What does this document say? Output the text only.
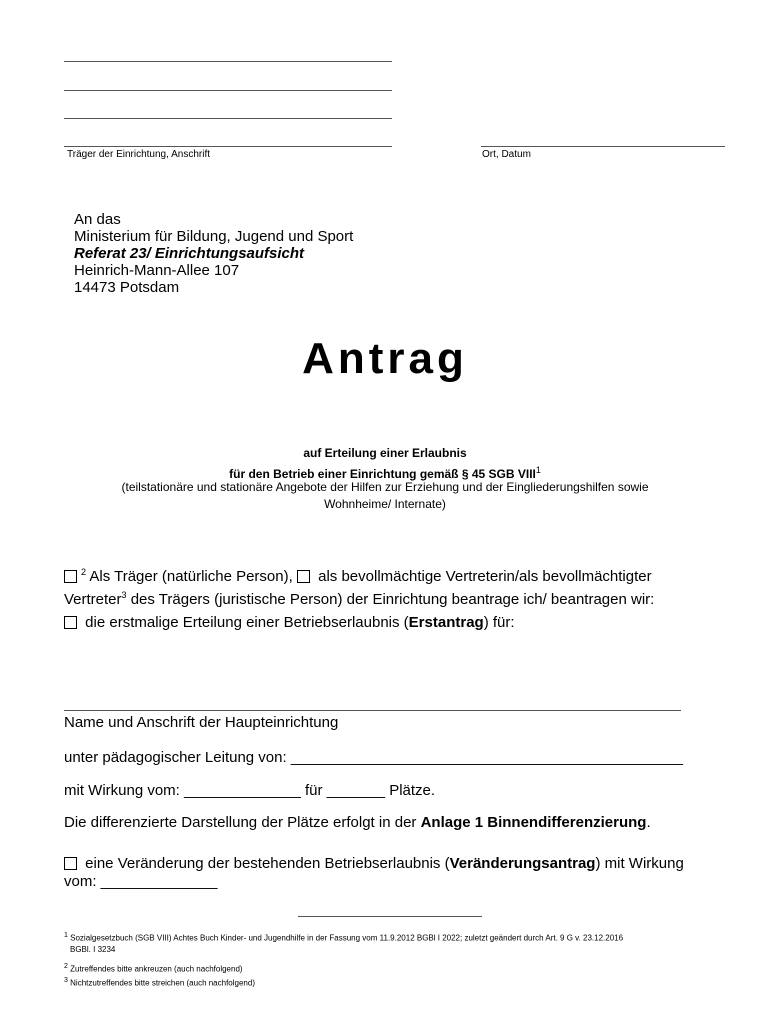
Träger der Einrichtung, Anschrift	Ort, Datum
An das
Ministerium für Bildung, Jugend und Sport
Referat 23/ Einrichtungsaufsicht
Heinrich-Mann-Allee 107
14473 Potsdam
Antrag
auf Erteilung einer Erlaubnis
für den Betrieb einer Einrichtung gemäß § 45 SGB VIII$^1$
(teilstationäre und stationäre Angebote der Hilfen zur Erziehung und der Eingliederungshilfen sowie
Wohnheime/ Internate)
$^2$ Als Träger (natürliche Person),  als bevollmächtige Vertreterin/als bevollmächtigter
Vertreter$^3$ des Trägers (juristische Person) der Einrichtung beantrage ich/ beantragen wir:
die erstmalige Erteilung einer Betriebserlaubnis (Erstantrag) für:
Name und Anschrift der Haupteinrichtung
unter pädagogischer Leitung von: _______________________________________________
mit Wirkung vom: ______________ für _______ Plätze.
Die differenzierte Darstellung der Plätze erfolgt in der Anlage 1 Binnendifferenzierung.
eine Veränderung der bestehenden Betriebserlaubnis (Veränderungsantrag) mit Wirkung
vom: ______________
$^1$ Sozialgesetzbuch (SGB VIII) Achtes Buch Kinder- und Jugendhilfe in der Fassung vom 11.9.2012 BGBl I 2022; zuletzt geändert durch Art. 9 G v. 23.12.2016
BGBl. I 3234
$^2$ Zutreffendes bitte ankreuzen (auch nachfolgend)
$^3$ Nichtzutreffendes bitte streichen (auch nachfolgend)
